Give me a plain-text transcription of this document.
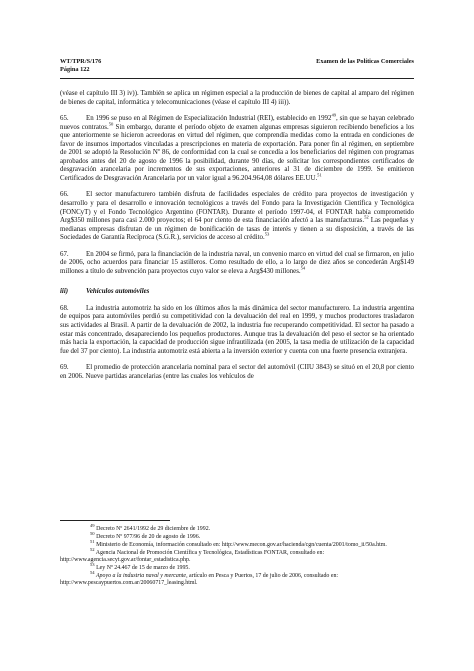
WT/TPR/S/176
Página 122
Examen de las Políticas Comerciales

(véase el capítulo III 3) iv)). También se aplica un régimen especial a la producción de bienes de capital al amparo del régimen de bienes de capital, informática y telecomunicaciones (véase el capítulo III 4) iii)).

65.	En 1996 se puso en al Régimen de Especialización Industrial (REI), establecido en 1992$^{49}$, sin que se hayan celebrado nuevos contratos.$^{50}$ Sin embargo, durante el período objeto de examen algunas empresas siguieron recibiendo beneficios a los que anteriormente se hicieron acreedoras en virtud del régimen, que comprendía medidas como la entrada en condiciones de favor de insumos importados vinculadas a prescripciones en materia de exportación. Para poner fin al régimen, en septiembre de 2001 se adoptó la Resolución Nº 86, de conformidad con la cual se concedía a los beneficiarios del régimen con programas aprobados antes del 20 de agosto de 1996 la posibilidad, durante 90 días, de solicitar los correspondientes certificados de desgravación arancelaria por incrementos de sus exportaciones, anteriores al 31 de diciembre de 1999. Se emitieron Certificados de Desgravación Arancelaria por un valor igual a 96.204.964,08 dólares EE.UU.$^{51}$

66.	El sector manufacturero también disfruta de facilidades especiales de crédito para proyectos de investigación y desarrollo y para el desarrollo e innovación tecnológicos a través del Fondo para la Investigación Científica y Tecnológica (FONCyT) y el Fondo Tecnológico Argentino (FONTAR). Durante el período 1997-04, el FONTAR había comprometido Arg$350 millones para casi 2.000 proyectos; el 64 por ciento de esta financiación afectó a las manufacturas.$^{52}$ Las pequeñas y medianas empresas disfrutan de un régimen de bonificación de tasas de interés y tienen a su disposición, a través de las Sociedades de Garantía Recíproca (S.G.R.), servicios de acceso al crédito.$^{53}$

67.	En 2004 se firmó, para la financiación de la industria naval, un convenio marco en virtud del cual se firmaron, en julio de 2006, ocho acuerdos para financiar 15 astilleros. Como resultado de ello, a lo largo de diez años se concederán Arg$149 millones a título de subvención para proyectos cuyo valor se eleva a Arg$430 millones.$^{54}$

iii)	Vehículos automóviles

68.	La industria automotriz ha sido en los últimos años la más dinámica del sector manufacturero. La industria argentina de equipos para automóviles perdió su competitividad con la devaluación del real en 1999, y muchos productores trasladaron sus actividades al Brasil. A partir de la devaluación de 2002, la industria fue recuperando competitividad. El sector ha pasado a estar más concentrado, desapareciendo los pequeños productores. Aunque tras la devaluación del peso el sector se ha orientado más hacia la exportación, la capacidad de producción sigue infrautilizada (en 2005, la tasa media de utilización de la capacidad fue del 37 por ciento). La industria automotriz está abierta a la inversión exterior y cuenta con una fuerte presencia extranjera.

69.	El promedio de protección arancelaria nominal para el sector del automóvil (CIIU 3843) se situó en el 20,8 por ciento en 2006. Nueve partidas arancelarias (entre las cuales los vehículos de

$^{49}$ Decreto Nº 2641/1992 de 29 diciembre de 1992.
$^{50}$ Decreto Nº 977/96 de 20 de agosto de 1996.
$^{51}$ Ministerio de Economía, información consultado en: http://www.mecon.gov.ar/hacienda/cgn/cuenta/2001/tomo_ii/50a.htm.
$^{52}$ Agencia Nacional de Promoción Científica y Tecnológica, Estadísticas FONTAR, consultado en: http://www.agencia.secyt.gov.ar/fontar_estadistica.php.
$^{53}$ Ley Nº 24.467 de 15 de marzo de 1995.
$^{54}$ Apoyo a la industria naval y mercante, artículo en Pesca y Puertos, 17 de julio de 2006, consultado en: http://www.pescaypuertos.com.ar/20060717_leasing.html.
